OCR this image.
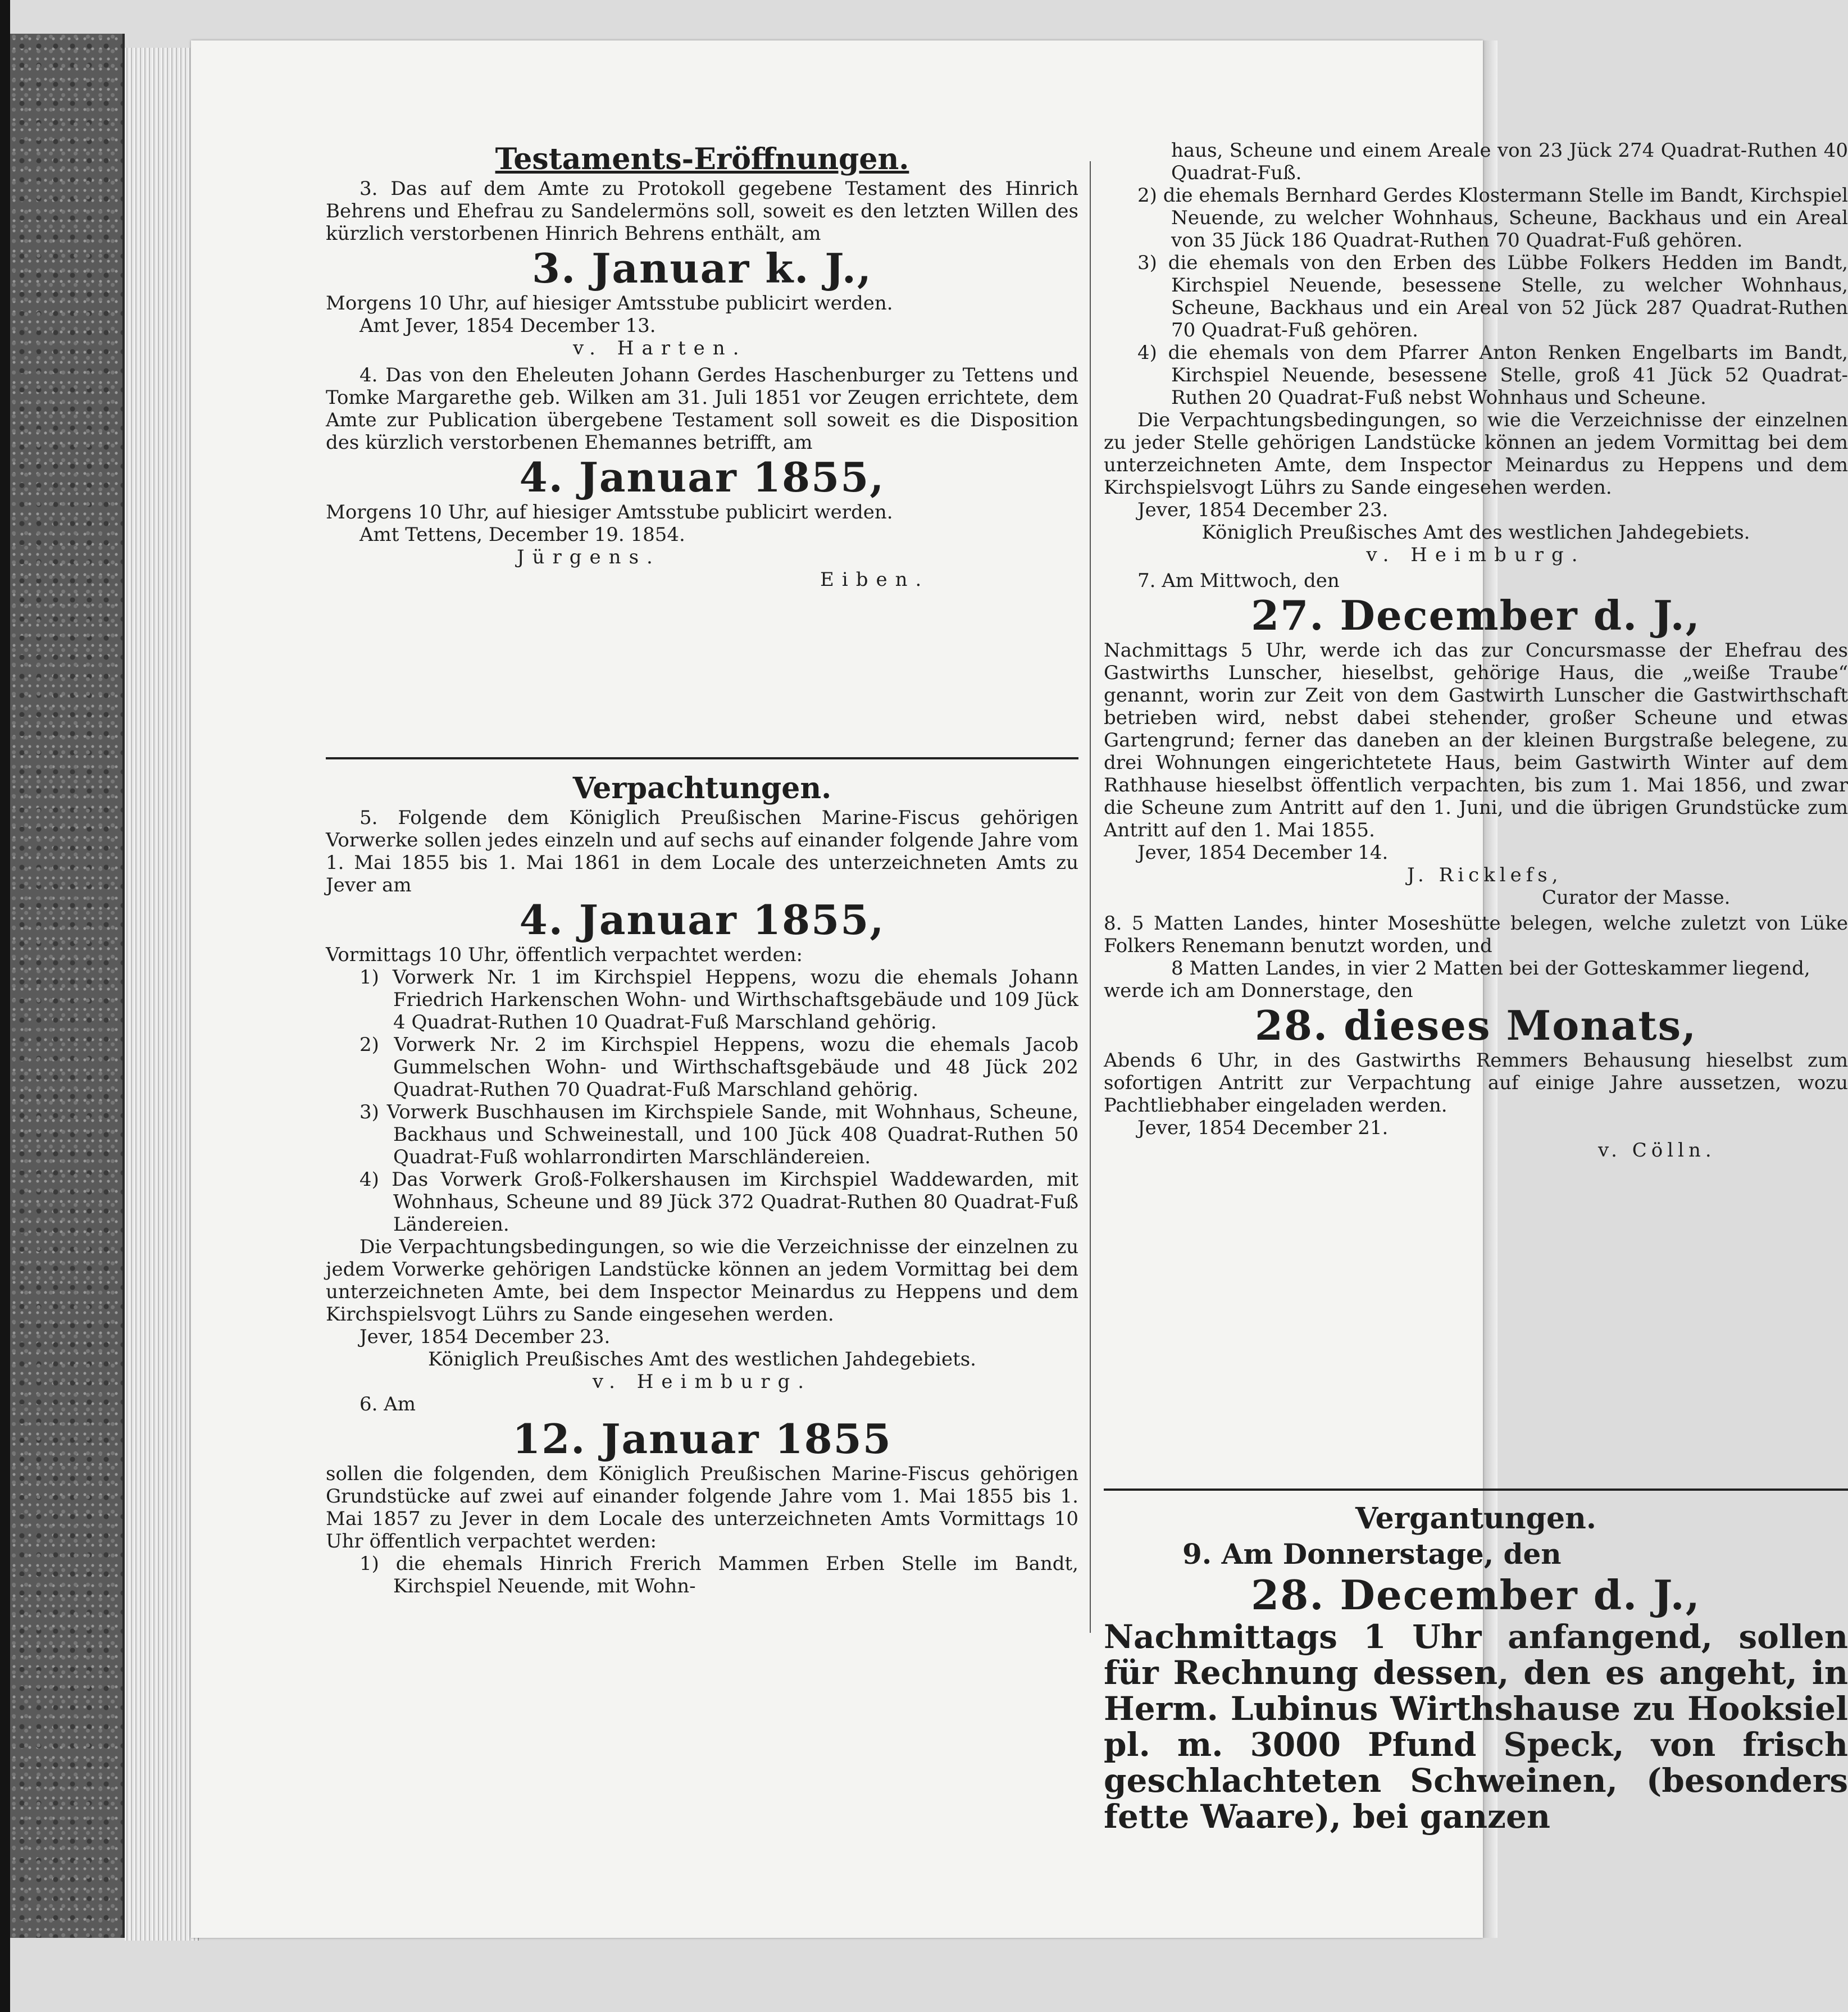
Testaments-Eröffnungen.

3. Das auf dem Amte zu Protokoll gegebene Testament des Hinrich Behrens und Ehefrau zu Sandelermöns soll, soweit es den letzten Willen des kürzlich verstorbenen Hinrich Behrens enthält, am

3. Januar k. J.,

Morgens 10 Uhr, auf hiesiger Amtsstube publicirt werden.

Amt Jever, 1854 December 13.

v. Harten.

4. Das von den Eheleuten Johann Gerdes Haschenburger zu Tettens und Tomke Margarethe geb. Wilken am 31. Juli 1851 vor Zeugen errichtete, dem Amte zur Publication übergebene Testament soll soweit es die Disposition des kürzlich verstorbenen Ehemannes betrifft, am

4. Januar 1855,

Morgens 10 Uhr, auf hiesiger Amtsstube publicirt werden.

Amt Tettens, December 19. 1854.

Jürgens.

Eiben.

Verpachtungen.

5. Folgende dem Königlich Preußischen Marine-Fiscus gehörigen Vorwerke sollen jedes einzeln und auf sechs auf einander folgende Jahre vom 1. Mai 1855 bis 1. Mai 1861 in dem Locale des unterzeichneten Amts zu Jever am

4. Januar 1855,

Vormittags 10 Uhr, öffentlich verpachtet werden:

1) Vorwerk Nr. 1 im Kirchspiel Heppens, wozu die ehemals Johann Friedrich Harkenschen Wohn- und Wirthschaftsgebäude und 109 Jück 4 Quadrat-Ruthen 10 Quadrat-Fuß Marschland gehörig.
2) Vorwerk Nr. 2 im Kirchspiel Heppens, wozu die ehemals Jacob Gummelschen Wohn- und Wirthschaftsgebäude und 48 Jück 202 Quadrat-Ruthen 70 Quadrat-Fuß Marschland gehörig.
3) Vorwerk Buschhausen im Kirchspiele Sande, mit Wohnhaus, Scheune, Backhaus und Schweinestall, und 100 Jück 408 Quadrat-Ruthen 50 Quadrat-Fuß wohlarrondirten Marschländereien.
4) Das Vorwerk Groß-Folkershausen im Kirchspiel Waddewarden, mit Wohnhaus, Scheune und 89 Jück 372 Quadrat-Ruthen 80 Quadrat-Fuß Ländereien.

Die Verpachtungsbedingungen, so wie die Verzeichnisse der einzelnen zu jedem Vorwerke gehörigen Landstücke können an jedem Vormittag bei dem unterzeichneten Amte, bei dem Inspector Meinardus zu Heppens und dem Kirchspielsvogt Lührs zu Sande eingesehen werden.

Jever, 1854 December 23.

Königlich Preußisches Amt des westlichen Jahdegebiets.

v. Heimburg.

6. Am

12. Januar 1855

sollen die folgenden, dem Königlich Preußischen Marine-Fiscus gehörigen Grundstücke auf zwei auf einander folgende Jahre vom 1. Mai 1855 bis 1. Mai 1857 zu Jever in dem Locale des unterzeichneten Amts Vormittags 10 Uhr öffentlich verpachtet werden:

1) die ehemals Hinrich Frerich Mammen Erben Stelle im Bandt, Kirchspiel Neuende, mit Wohn-

haus, Scheune und einem Areale von 23 Jück 274 Quadrat-Ruthen 40 Quadrat-Fuß.

2) die ehemals Bernhard Gerdes Klostermann Stelle im Bandt, Kirchspiel Neuende, zu welcher Wohnhaus, Scheune, Backhaus und ein Areal von 35 Jück 186 Quadrat-Ruthen 70 Quadrat-Fuß gehören.
3) die ehemals von den Erben des Lübbe Folkers Hedden im Bandt, Kirchspiel Neuende, besessene Stelle, zu welcher Wohnhaus, Scheune, Backhaus und ein Areal von 52 Jück 287 Quadrat-Ruthen 70 Quadrat-Fuß gehören.
4) die ehemals von dem Pfarrer Anton Renken Engelbarts im Bandt, Kirchspiel Neuende, besessene Stelle, groß 41 Jück 52 Quadrat-Ruthen 20 Quadrat-Fuß nebst Wohnhaus und Scheune.

Die Verpachtungsbedingungen, so wie die Verzeichnisse der einzelnen zu jeder Stelle gehörigen Landstücke können an jedem Vormittag bei dem unterzeichneten Amte, dem Inspector Meinardus zu Heppens und dem Kirchspielsvogt Lührs zu Sande eingesehen werden.

Jever, 1854 December 23.

Königlich Preußisches Amt des westlichen Jahdegebiets.

v. Heimburg.

7. Am Mittwoch, den

27. December d. J.,

Nachmittags 5 Uhr, werde ich das zur Concursmasse der Ehefrau des Gastwirths Lunscher, hieselbst, gehörige Haus, die „weiße Traube“ genannt, worin zur Zeit von dem Gastwirth Lunscher die Gastwirthschaft betrieben wird, nebst dabei stehender, großer Scheune und etwas Gartengrund; ferner das daneben an der kleinen Burgstraße belegene, zu drei Wohnungen eingerichtetete Haus, beim Gastwirth Winter auf dem Rathhause hieselbst öffentlich verpachten, bis zum 1. Mai 1856, und zwar die Scheune zum Antritt auf den 1. Juni, und die übrigen Grundstücke zum Antritt auf den 1. Mai 1855.

Jever, 1854 December 14.

J. Ricklefs,

Curator der Masse.

8. 5 Matten Landes, hinter Moseshütte belegen, welche zuletzt von Lüke Folkers Renemann benutzt worden, und

8 Matten Landes, in vier 2 Matten bei der Gotteskammer liegend,

werde ich am Donnerstage, den

28. dieses Monats,

Abends 6 Uhr, in des Gastwirths Remmers Behausung hieselbst zum sofortigen Antritt zur Verpachtung auf einige Jahre aussetzen, wozu Pachtliebhaber eingeladen werden.

Jever, 1854 December 21.

v. Cölln.

Vergantungen.

9. Am Donnerstage, den

28. December d. J.,

Nachmittags 1 Uhr anfangend, sollen für Rechnung dessen, den es angeht, in Herm. Lubinus Wirthshause zu Hooksiel pl. m. 3000 Pfund Speck, von frisch geschlachteten Schweinen, (besonders fette Waare), bei ganzen
